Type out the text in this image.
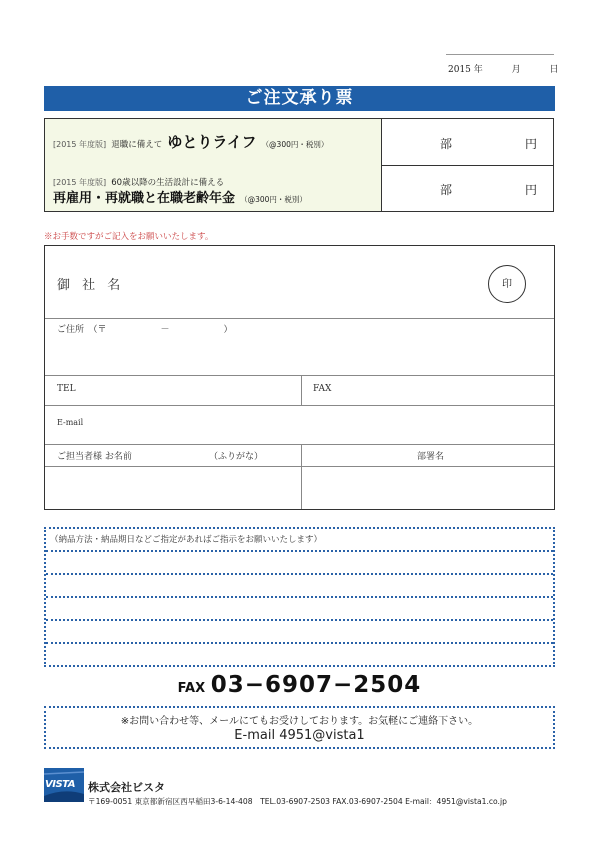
2015 年	月	日
ご注文承り票
[2015 年度版] 退職に備えて ゆとりライフ （@300円・税別）	部	円
[2015 年度版] 60歳以降の生活設計に備える
再雇用・再就職と在職老齢年金 （@300円・税別）
部	円
※お手数ですがご記入をお願いいたします。
御 社 名	印
ご住所　（〒　　　　　　－　　　　　　）
TEL	FAX
E-mail
ご担当者様 お名前	（ふりがな）	部署名
（納品方法・納品期日などご指定があればご指示をお願いいたします）
FAX 03−6907−2504
※お問い合わせ等、メールにてもお受けしております。お気軽にご連絡下さい。
E-mail 4951@vista1
VISTA 株式会社ビスタ
〒169-0051 東京都新宿区西早稲田3-6-14-408　TEL.03-6907-2503 FAX.03-6907-2504 E-mail：4951@vista1.co.jp
